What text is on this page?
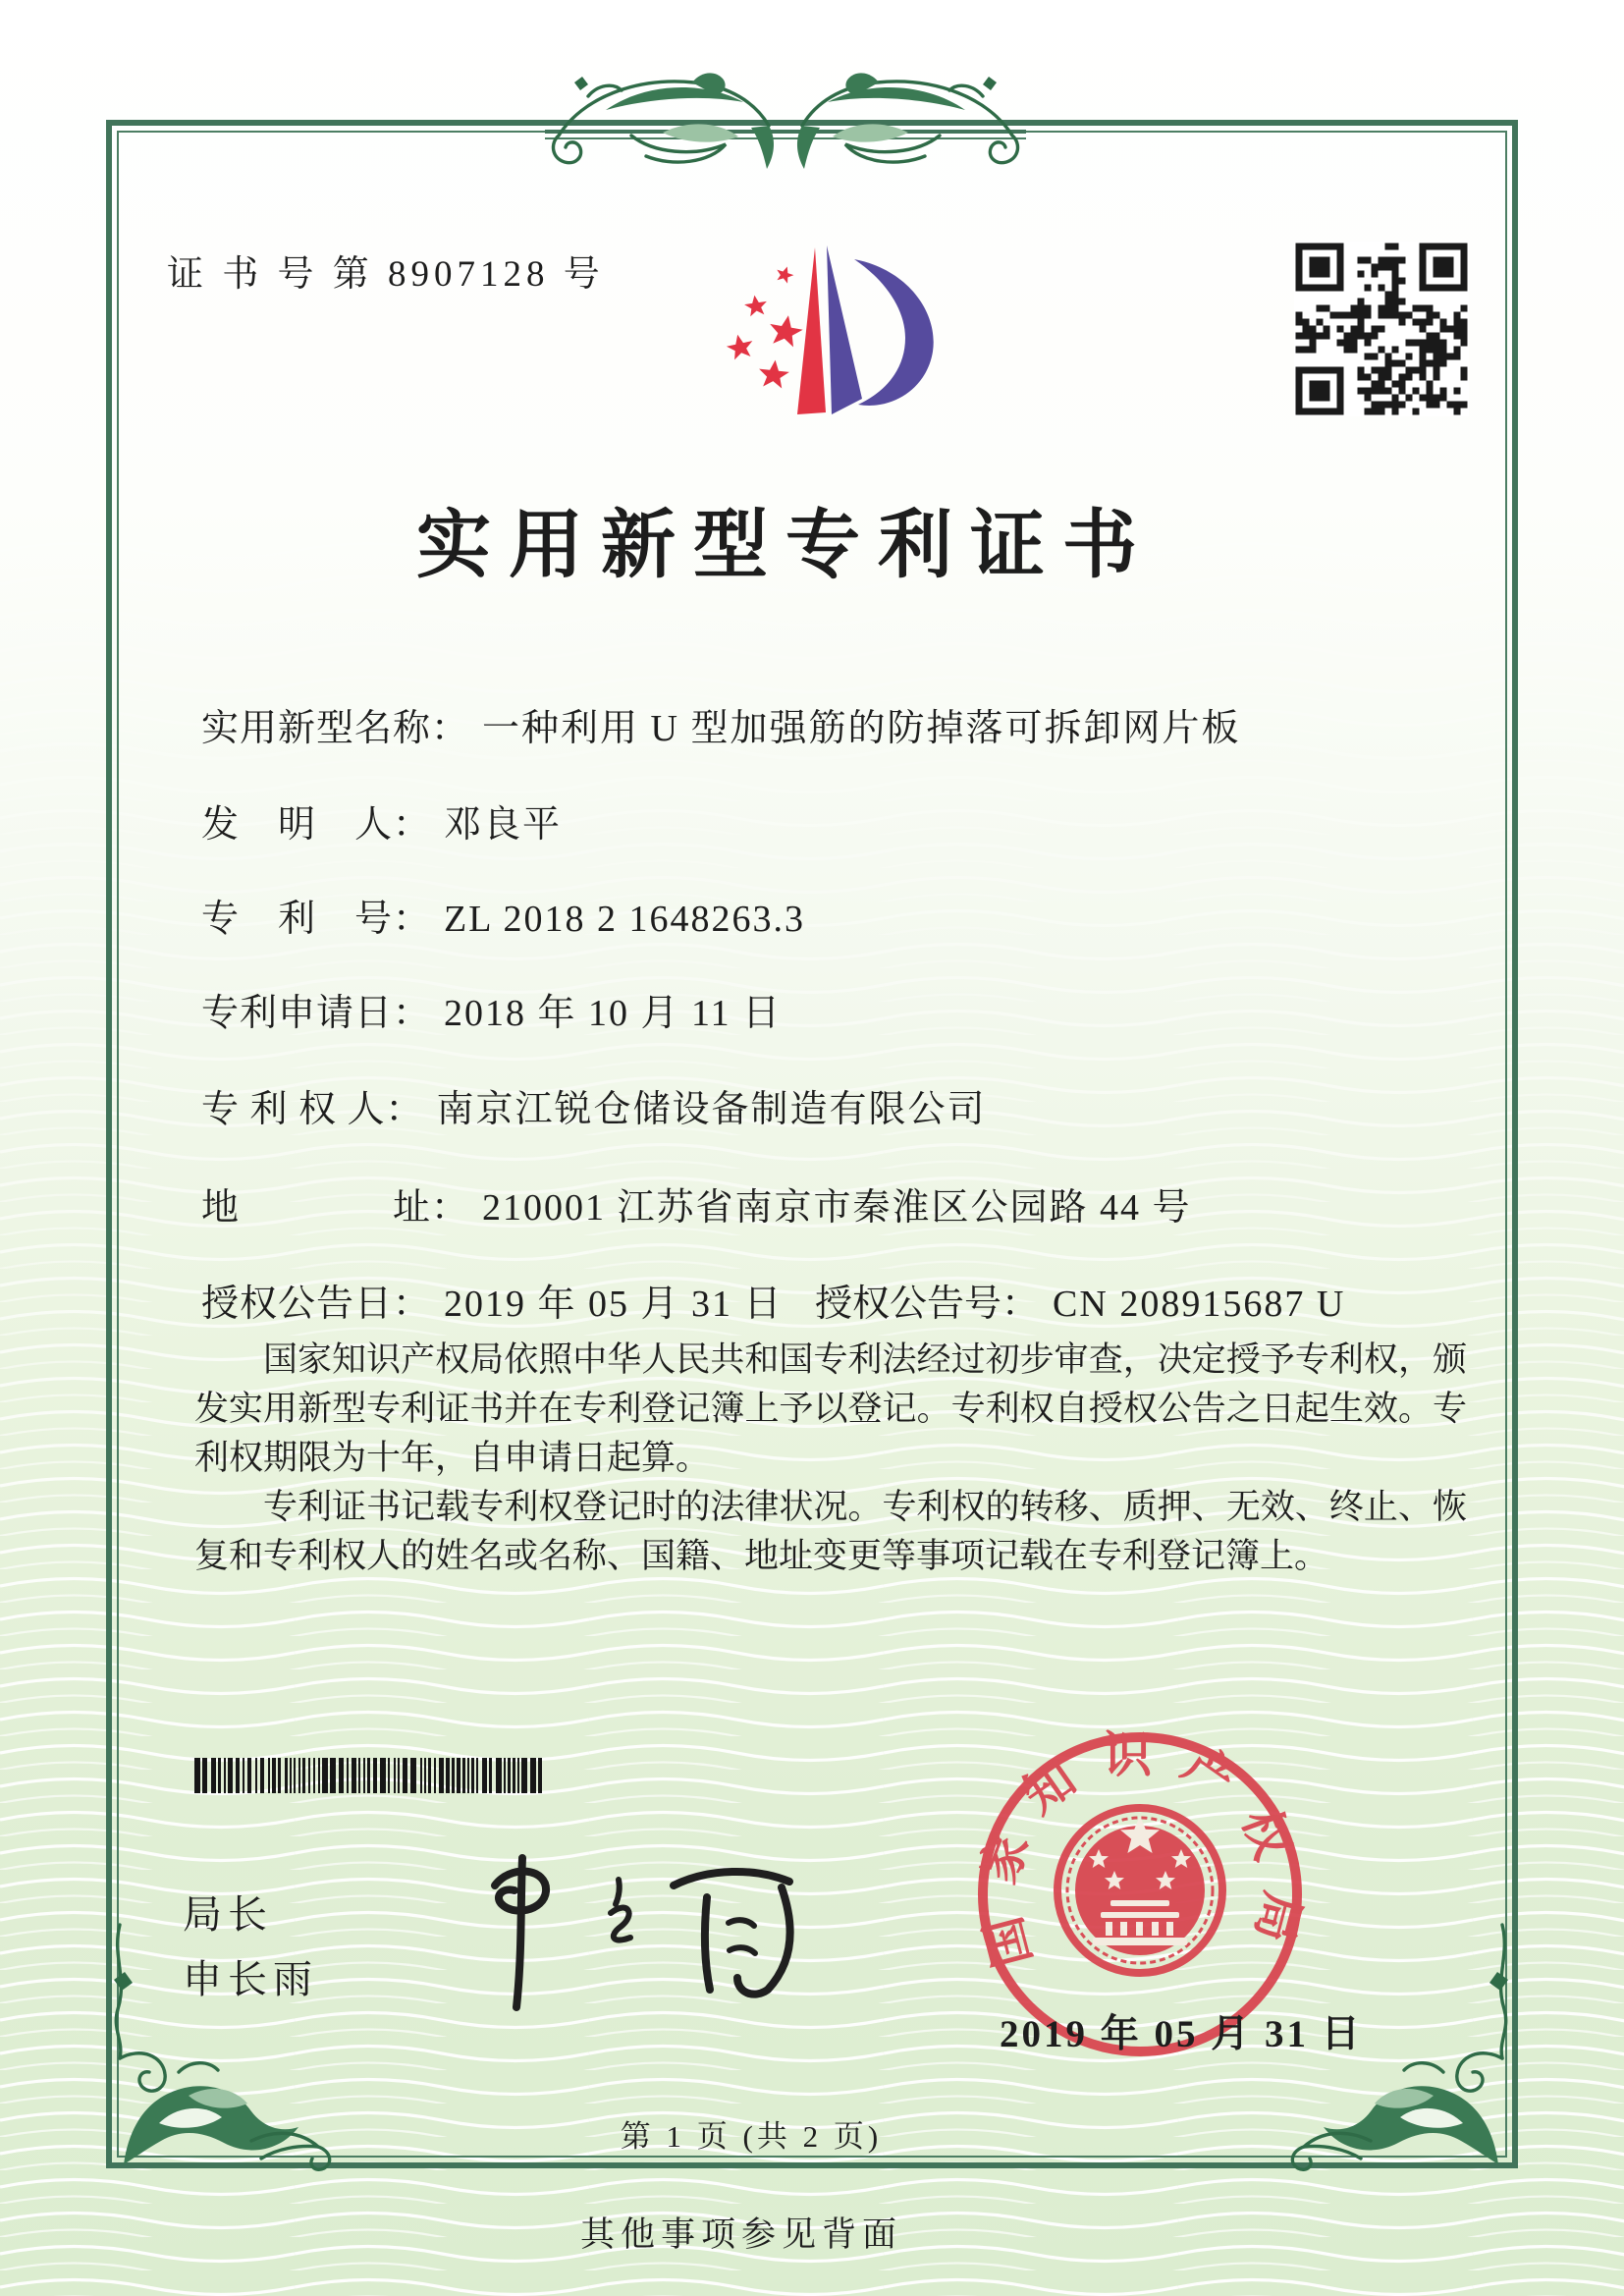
证 书 号 第 8907128 号
实用新型专利证书
实用新型名称： 一种利用 U 型加强筋的防掉落可拆卸网片板
发　明　人： 邓良平
专　利　号： ZL 2018 2 1648263.3
专利申请日： 2018 年 10 月 11 日
专 利 权 人： 南京江锐仓储设备制造有限公司
地　　　　址： 210001 江苏省南京市秦淮区公园路 44 号
授权公告日： 2019 年 05 月 31 日 授权公告号： CN 208915687 U

国家知识产权局依照中华人民共和国专利法经过初步审查，决定授予专利权，颁发实用新型专利证书并在专利登记簿上予以登记。专利权自授权公告之日起生效。专利权期限为十年，自申请日起算。

专利证书记载专利权登记时的法律状况。专利权的转移、质押、无效、终止、恢复和专利权人的姓名或名称、国籍、地址变更等事项记载在专利登记簿上。

局长
申长雨
国家知识产权局
2019 年 05 月 31 日
第 1 页 (共 2 页)
其他事项参见背面
